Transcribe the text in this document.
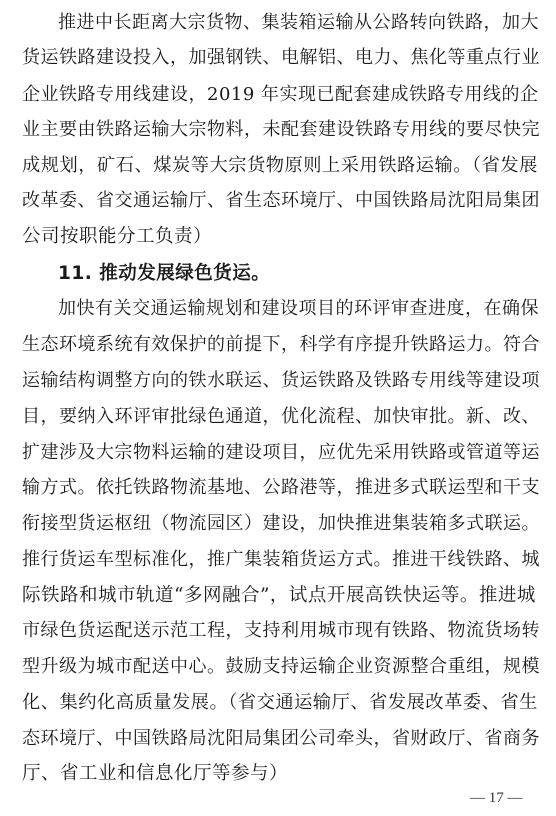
推进中长距离大宗货物、集装箱运输从公路转向铁路，加大
货运铁路建设投入，加强钢铁、电解铝、电力、焦化等重点行业
企业铁路专用线建设，2019 年实现已配套建成铁路专用线的企
业主要由铁路运输大宗物料，未配套建设铁路专用线的要尽快完
成规划，矿石、煤炭等大宗货物原则上采用铁路运输。（省发展
改革委、省交通运输厅、省生态环境厅、中国铁路局沈阳局集团
公司按职能分工负责）
11. 推动发展绿色货运。
加快有关交通运输规划和建设项目的环评审查进度，在确保
生态环境系统有效保护的前提下，科学有序提升铁路运力。符合
运输结构调整方向的铁水联运、货运铁路及铁路专用线等建设项
目，要纳入环评审批绿色通道，优化流程、加快审批。新、改、
扩建涉及大宗物料运输的建设项目，应优先采用铁路或管道等运
输方式。依托铁路物流基地、公路港等，推进多式联运型和干支
衔接型货运枢纽（物流园区）建设，加快推进集装箱多式联运。
推行货运车型标准化，推广集装箱货运方式。推进干线铁路、城
际铁路和城市轨道“多网融合”，试点开展高铁快运等。推进城
市绿色货运配送示范工程，支持利用城市现有铁路、物流货场转
型升级为城市配送中心。鼓励支持运输企业资源整合重组，规模
化、集约化高质量发展。（省交通运输厅、省发展改革委、省生
态环境厅、中国铁路局沈阳局集团公司牵头，省财政厅、省商务
厅、省工业和信息化厅等参与）
— 17 —
